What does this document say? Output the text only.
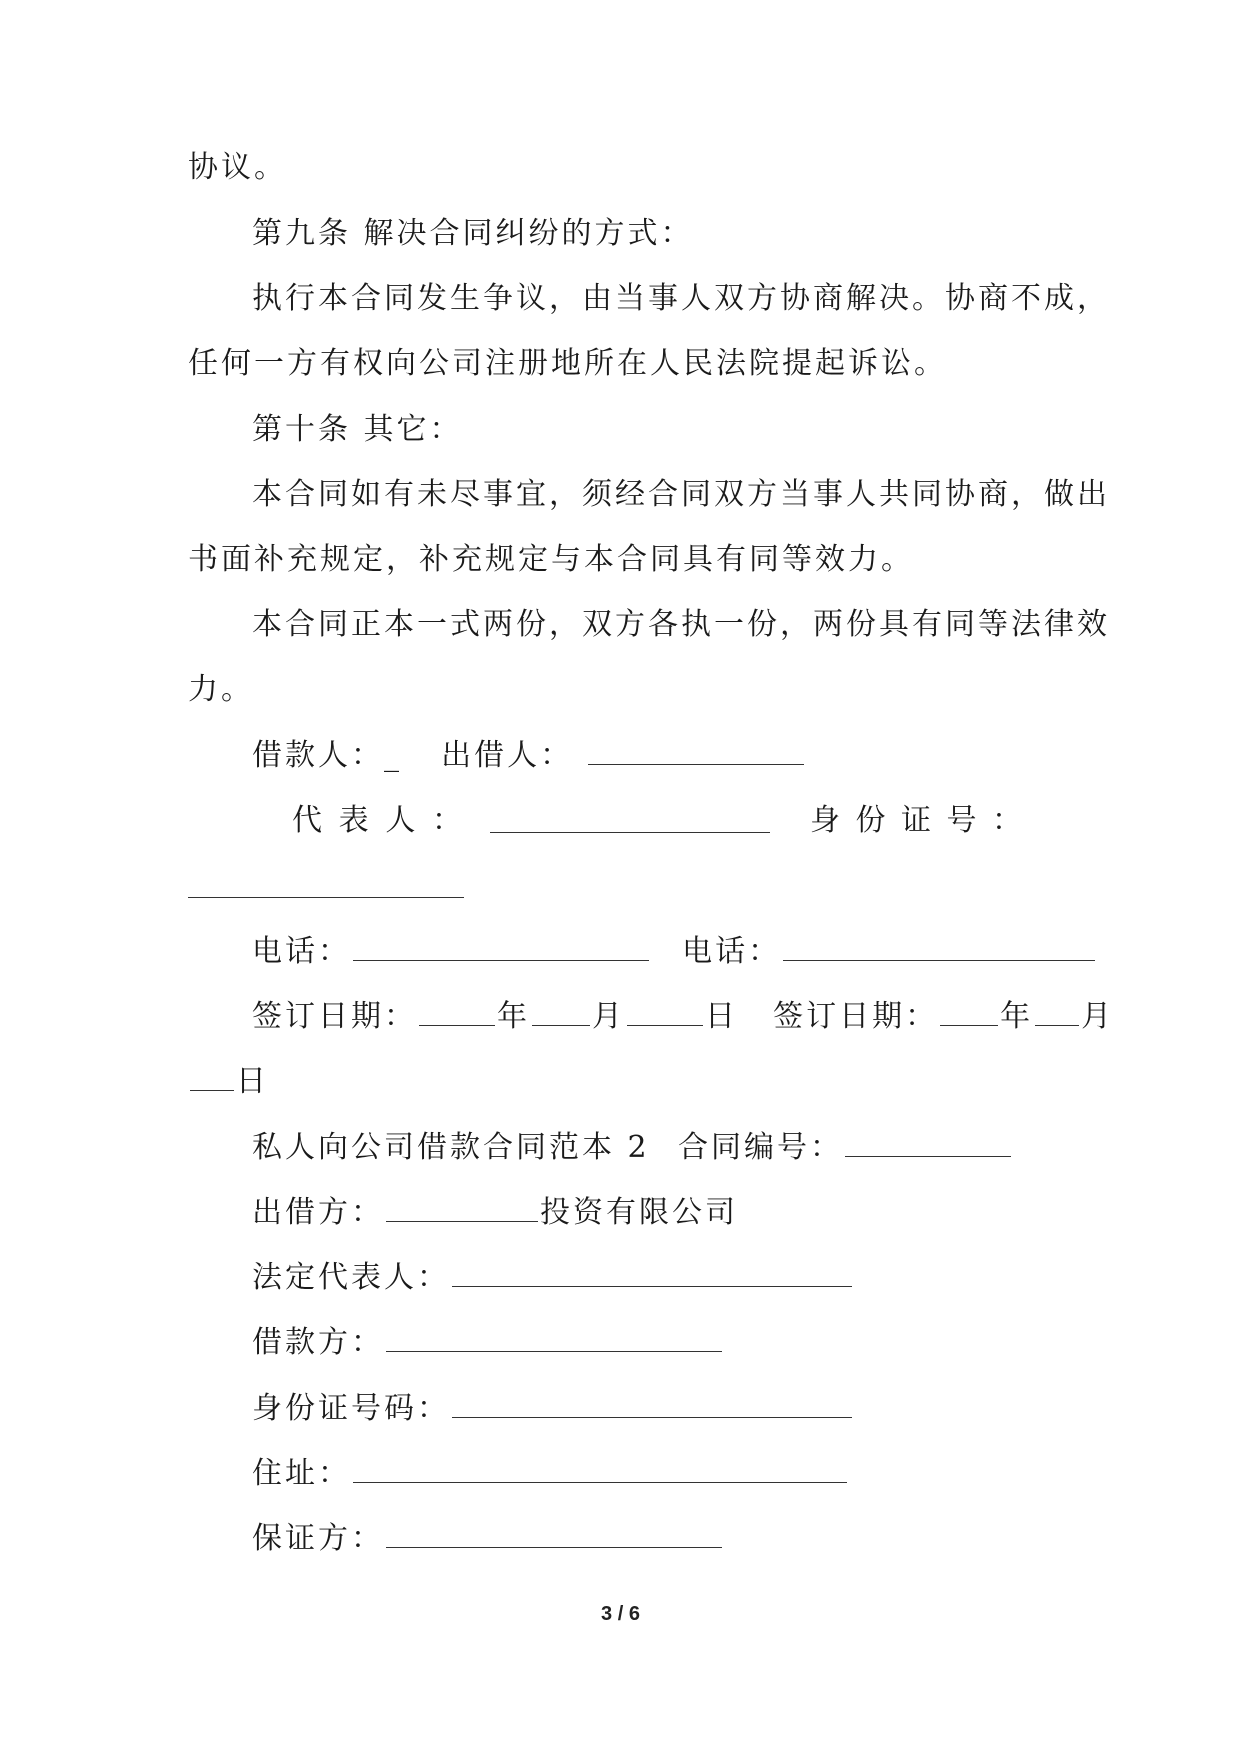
协议。
第九条 解决合同纠纷的方式：
执行本合同发生争议，由当事人双方协商解决。协商不成，
任何一方有权向公司注册地所在人民法院提起诉讼。
第十条 其它：
本合同如有未尽事宜，须经合同双方当事人共同协商，做出
书面补充规定，补充规定与本合同具有同等效力。
本合同正本一式两份，双方各执一份，两份具有同等法律效
力。
借款人：_ 出借人：
代 表 人 ：	身 份 证 号 ：
电话：	电话：
签订日期：	年 月	日 签订日期： 年 月
日
私人向公司借款合同范本 2 合同编号：
出借方：	投资有限公司
法定代表人：
借款方：
身份证号码：
住址：
保证方：
3 / 6
